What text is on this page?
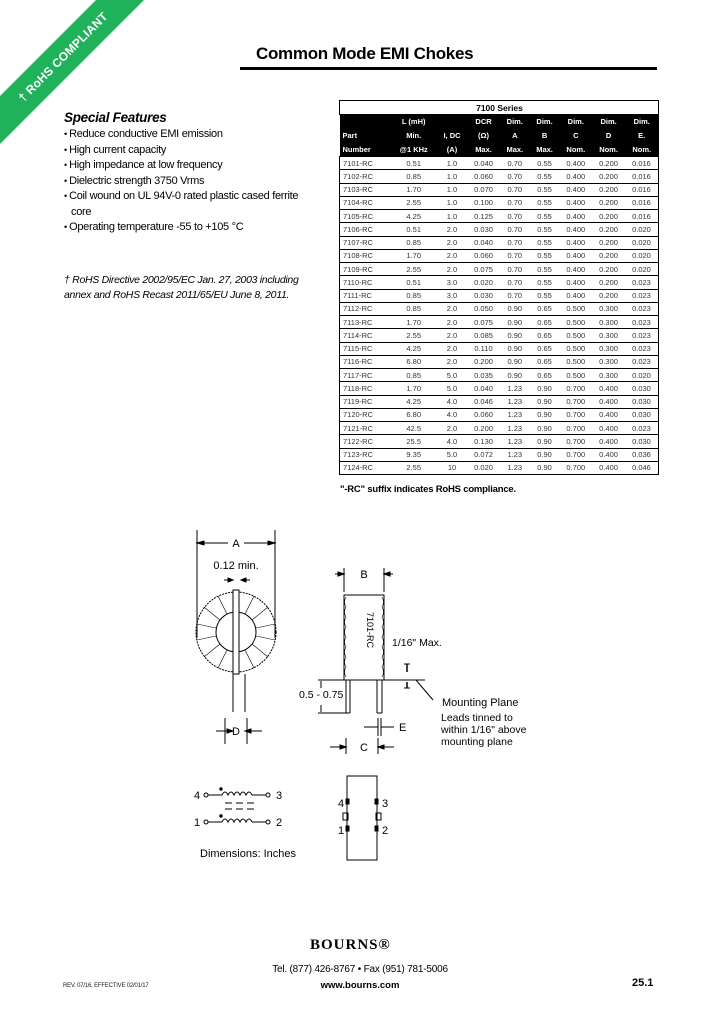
† RoHS COMPLIANT	Common Mode EMI Chokes
Special Features
• Reduce conductive EMI emission
• High current capacity
• High impedance at low frequency
• Dielectric strength 3750 Vrms
• Coil wound on UL 94V-0 rated plastic cased ferrite core
• Operating temperature -55 to +105 °C
† RoHS Directive 2002/95/EC Jan. 27, 2003 including annex and RoHS Recast 2011/65/EU June 8, 2011.
7100 Series								
	L (mH)		DCR	Dim.	Dim.	Dim.	Dim.	Dim.
Part	Min.	I, DC	(Ω)	A	B	C	D	E.
Number	@1 KHz	(A)	Max.	Max.	Max.	Nom.	Nom.	Nom.
7101-RC	0.51	1.0	0.040	0.70	0.55	0.400	0.200	0.016
7102-RC	0.85	1.0	0.060	0.70	0.55	0.400	0.200	0.016
7103-RC	1.70	1.0	0.070	0.70	0.55	0.400	0.200	0.016
7104-RC	2.55	1.0	0.100	0.70	0.55	0.400	0.200	0.016
7105-RC	4.25	1.0	0.125	0.70	0.55	0.400	0.200	0.016
7106-RC	0.51	2.0	0.030	0.70	0.55	0.400	0.200	0.020
7107-RC	0.85	2.0	0.040	0.70	0.55	0.400	0.200	0.020
7108-RC	1.70	2.0	0.060	0.70	0.55	0.400	0.200	0.020
7109-RC	2.55	2.0	0.075	0.70	0.55	0.400	0.200	0.020
7110-RC	0.51	3.0	0.020	0.70	0.55	0.400	0.200	0.023
7111-RC	0.85	3.0	0.030	0.70	0.55	0.400	0.200	0.023
7112-RC	0.85	2.0	0.050	0.90	0.65	0.500	0.300	0.023
7113-RC	1.70	2.0	0.075	0.90	0.65	0.500	0.300	0.023
7114-RC	2.55	2.0	0.085	0.90	0.65	0.500	0.300	0.023
7115-RC	4.25	2.0	0.110	0.90	0.65	0.500	0.300	0.023
7116-RC	6.80	2.0	0.200	0.90	0.65	0.500	0.300	0.023
7117-RC	0.85	5.0	0.035	0.90	0.65	0.500	0.300	0.020
7118-RC	1.70	5.0	0.040	1.23	0.90	0.700	0.400	0.030
7119-RC	4.25	4.0	0.046	1.23	0.90	0.700	0.400	0.030
7120-RC	6.80	4.0	0.060	1.23	0.90	0.700	0.400	0.030
7121-RC	42.5	2.0	0.200	1.23	0.90	0.700	0.400	0.023
7122-RC	25.5	4.0	0.130	1.23	0.90	0.700	0.400	0.030
7123-RC	9.35	5.0	0.072	1.23	0.90	0.700	0.400	0.036
7124-RC	2.55	10	0.020	1.23	0.90	0.700	0.400	0.046
"-RC" suffix indicates RoHS compliance.
A
0.12 min.
D
B
7101-RC
0.5 - 0.75
1/16" Max.
Mounting Plane
Leads tinned to
within 1/16" above
mounting plane
E
C
4	3
1	2
Dimensions: Inches
4	3
1	2
BOURNS®
Tel. (877) 426-8767 • Fax (951) 781-5006
www.bourns.com
REV. 07/16, EFFECTIVE 02/01/17	25.1
